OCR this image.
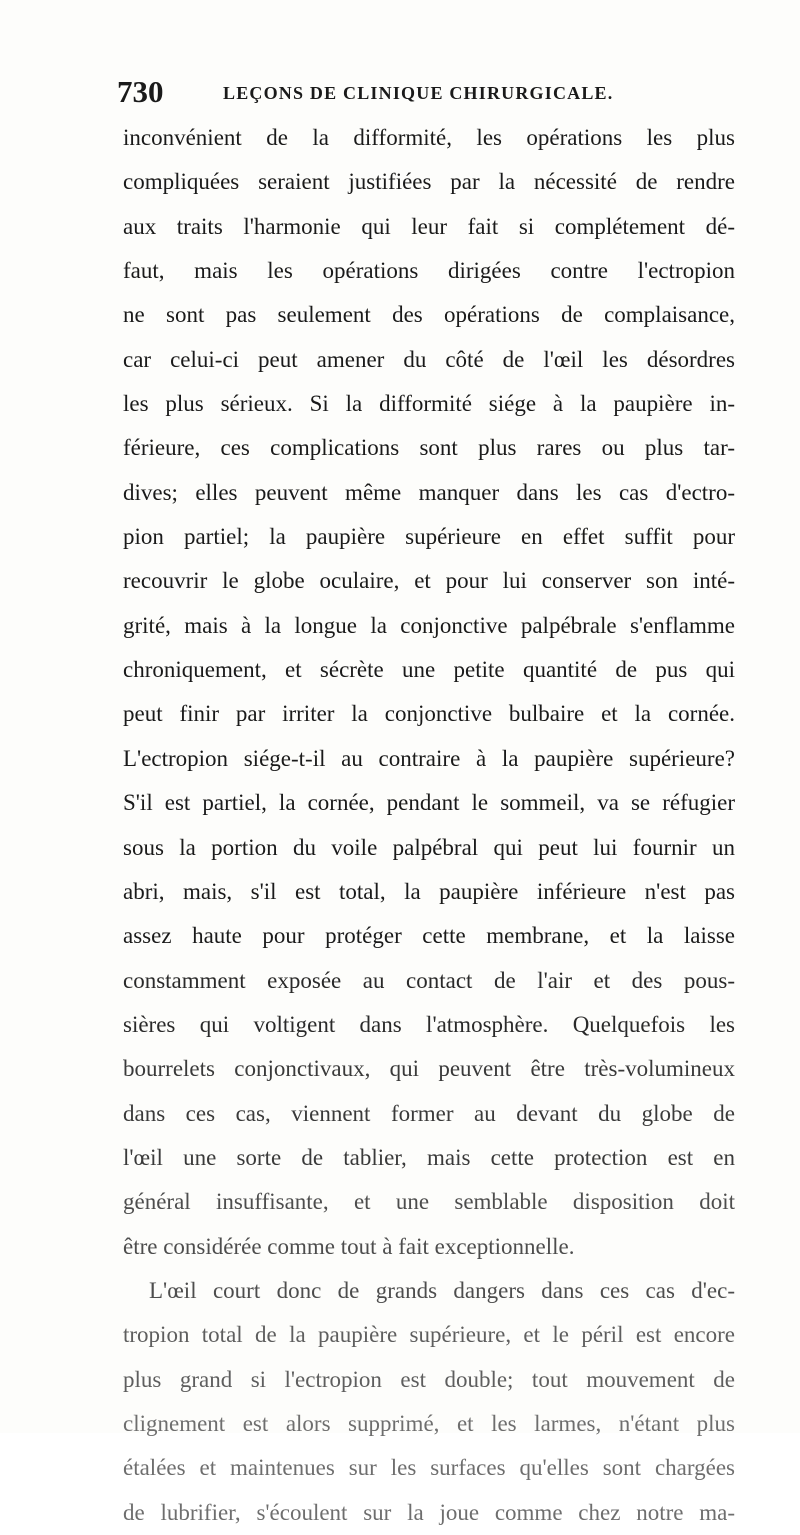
730	LEÇONS DE CLINIQUE CHIRURGICALE.
inconvénient de la difformité, les opérations les plus
compliquées seraient justifiées par la nécessité de rendre
aux traits l'harmonie qui leur fait si complétement dé-
faut, mais les opérations dirigées contre l'ectropion
ne sont pas seulement des opérations de complaisance,
car celui-ci peut amener du côté de l'œil les désordres
les plus sérieux. Si la difformité siége à la paupière in-
férieure, ces complications sont plus rares ou plus tar-
dives; elles peuvent même manquer dans les cas d'ectro-
pion partiel; la paupière supérieure en effet suffit pour
recouvrir le globe oculaire, et pour lui conserver son inté-
grité, mais à la longue la conjonctive palpébrale s'enflamme
chroniquement, et sécrète une petite quantité de pus qui
peut finir par irriter la conjonctive bulbaire et la cornée.
L'ectropion siége-t-il au contraire à la paupière supérieure?
S'il est partiel, la cornée, pendant le sommeil, va se réfugier
sous la portion du voile palpébral qui peut lui fournir un
abri, mais, s'il est total, la paupière inférieure n'est pas
assez haute pour protéger cette membrane, et la laisse
constamment exposée au contact de l'air et des pous-
sières qui voltigent dans l'atmosphère. Quelquefois les
bourrelets conjonctivaux, qui peuvent être très-volumineux
dans ces cas, viennent former au devant du globe de
l'œil une sorte de tablier, mais cette protection est en
général insuffisante, et une semblable disposition doit
être considérée comme tout à fait exceptionnelle.
L'œil court donc de grands dangers dans ces cas d'ec-
tropion total de la paupière supérieure, et le péril est encore
plus grand si l'ectropion est double; tout mouvement de
clignement est alors supprimé, et les larmes, n'étant plus
étalées et maintenues sur les surfaces qu'elles sont chargées
de lubrifier, s'écoulent sur la joue comme chez notre ma-
